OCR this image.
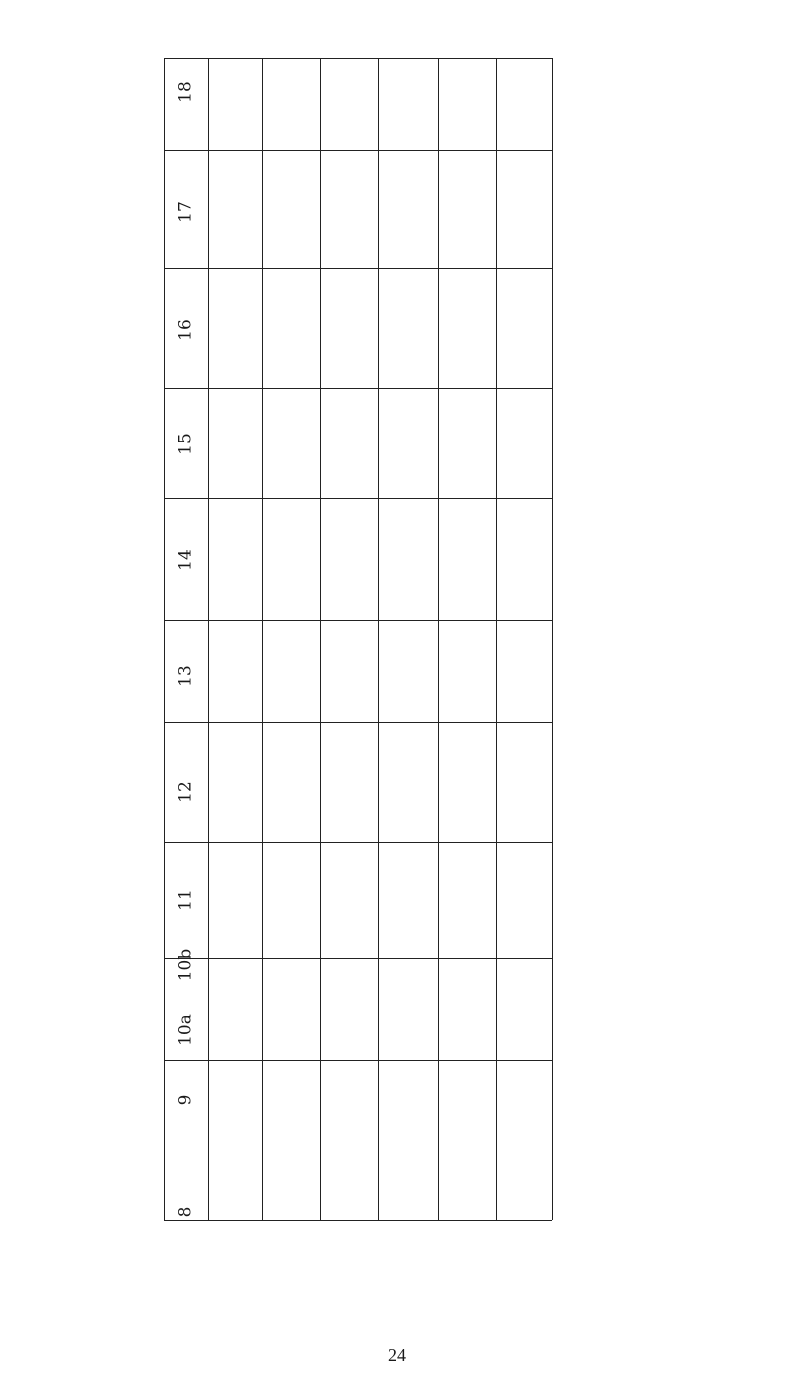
24
18
17
16
15
14
13
12
11
10a
10b
9
8
